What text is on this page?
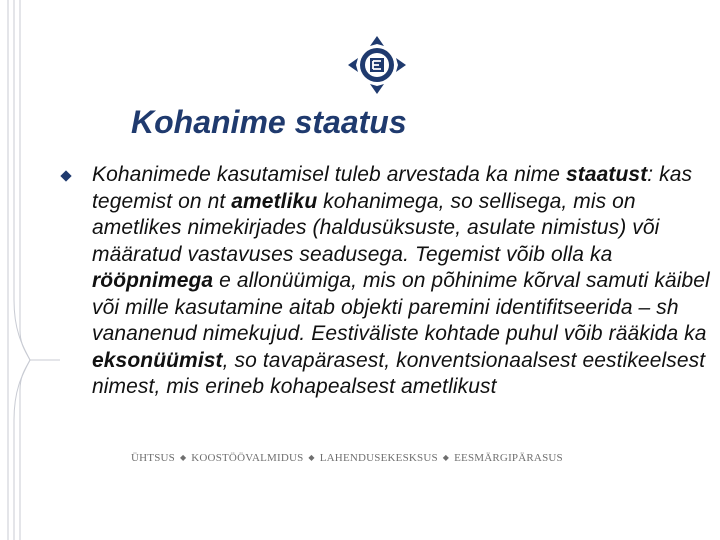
Kohanime staatus

Kohanimede kasutamisel tuleb arvestada ka nime staatust: kas tegemist on nt ametliku kohanimega, so sellisega, mis on ametlikes nimekirjades (haldusüksuste, asulate nimistus) või määratud vastavuses seadusega. Tegemist võib olla ka rööpnimega e allonüümiga, mis on põhinime kõrval samuti käibel või mille kasutamine aitab objekti paremini identifitseerida – sh vananenud nimekujud. Eestiväliste kohtade puhul võib rääkida ka eksonüümist, so tavapärasest, konventsionaalsest eestikeelsest nimest, mis erineb kohapealsest ametlikust

ÜHTSUS ◆ KOOSTÖÖVALMIDUS ◆ LAHENDUSEKESKSUS ◆ EESMÄRGIPÄRASUS
